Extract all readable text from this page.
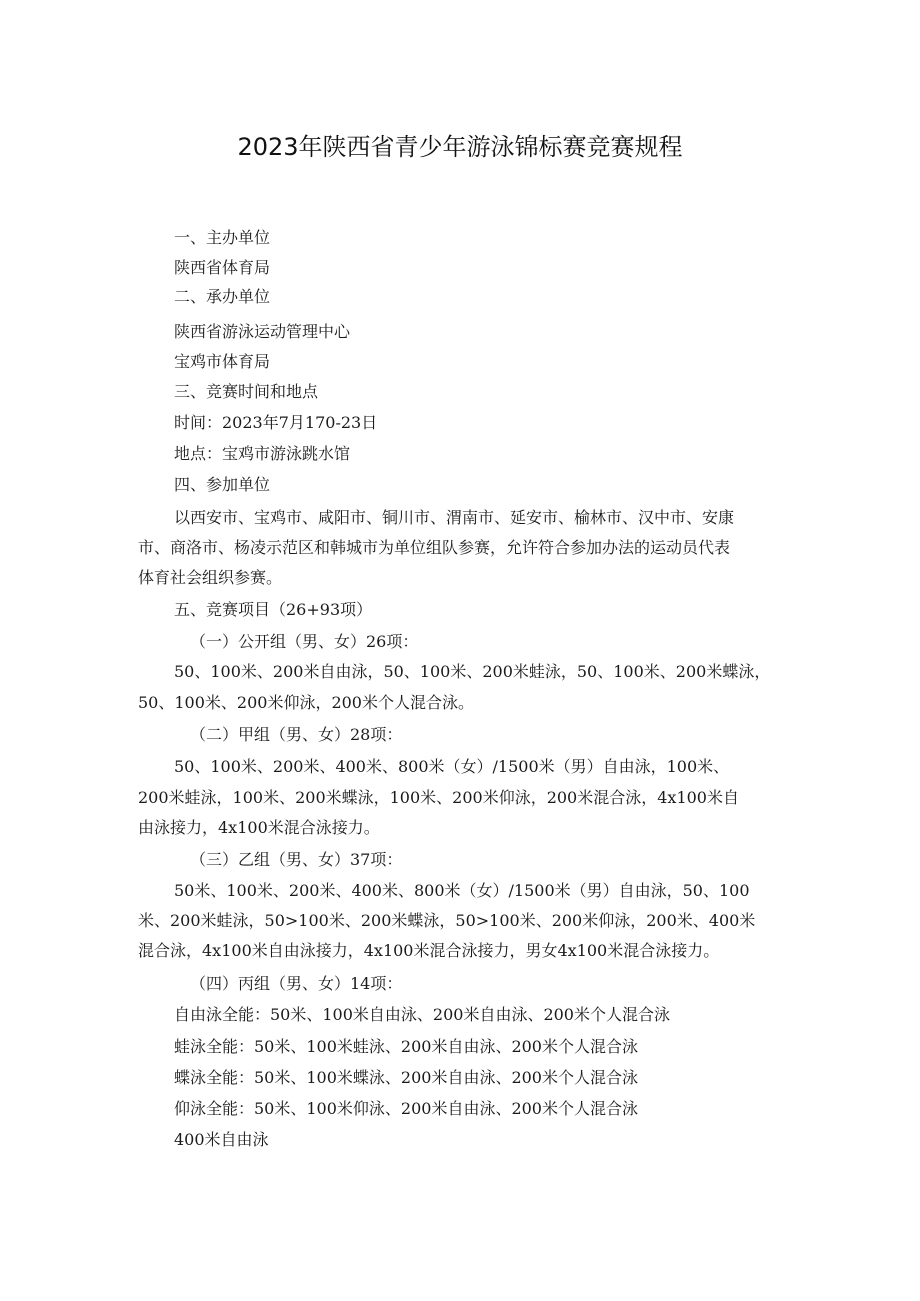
2023年陕西省青少年游泳锦标赛竞赛规程

一、主办单位

陕西省体育局

二、承办单位

陕西省游泳运动管理中心

宝鸡市体育局

三、竞赛时间和地点

时间：2023年7月170-23日

地点：宝鸡市游泳跳水馆

四、参加单位

以西安市、宝鸡市、咸阳市、铜川市、渭南市、延安市、榆林市、汉中市、安康

市、商洛市、杨凌示范区和韩城市为单位组队参赛，允许符合参加办法的运动员代表

体育社会组织参赛。

五、竞赛项目（26+93项）

（一）公开组（男、女）26项：

50、100米、200米自由泳，50、100米、200米蛙泳，50、100米、200米蝶泳，

50、100米、200米仰泳，200米个人混合泳。

（二）甲组（男、女）28项：

50、100米、200米、400米、800米（女）/1500米（男）自由泳，100米、

200米蛙泳，100米、200米蝶泳，100米、200米仰泳，200米混合泳，4x100米自

由泳接力，4x100米混合泳接力。

（三）乙组（男、女）37项：

50米、100米、200米、400米、800米（女）/1500米（男）自由泳，50、100

米、200米蛙泳，50>100米、200米蝶泳，50>100米、200米仰泳，200米、400米

混合泳，4x100米自由泳接力，4x100米混合泳接力，男女4x100米混合泳接力。

（四）丙组（男、女）14项：

自由泳全能：50米、100米自由泳、200米自由泳、200米个人混合泳

蛙泳全能：50米、100米蛙泳、200米自由泳、200米个人混合泳

蝶泳全能：50米、100米蝶泳、200米自由泳、200米个人混合泳

仰泳全能：50米、100米仰泳、200米自由泳、200米个人混合泳

400米自由泳
